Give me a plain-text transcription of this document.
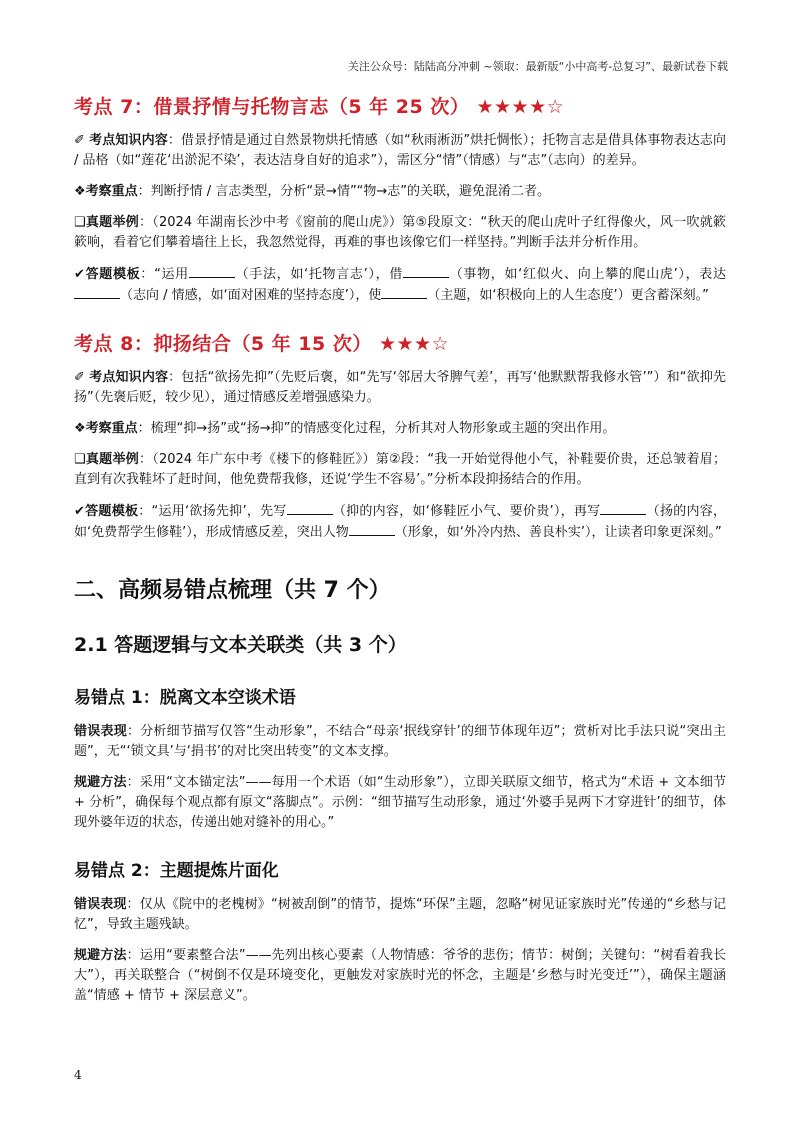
关注公众号：陆陆高分冲刺 ~领取：最新版“小中高考-总复习”、最新试卷下载
考点 7：借景抒情与托物言志（5 年 25 次） ★★★★☆

✐ 考点知识内容：借景抒情是通过自然景物烘托情感（如“秋雨淅沥”烘托惆怅）；托物言志是借具体事物表达志向 / 品格（如“莲花‘出淤泥不染’，表达洁身自好的追求”），需区分“情”（情感）与“志”（志向）的差异。

❖考察重点：判断抒情 / 言志类型，分析“景→情”“物→志”的关联，避免混淆二者。

❑真题举例：（2024 年湖南长沙中考《窗前的爬山虎》）第⑤段原文：“秋天的爬山虎叶子红得像火，风一吹就簌簌响，看着它们攀着墙往上长，我忽然觉得，再难的事也该像它们一样坚持。”判断手法并分析作用。

✔答题模板：“运用	（手法，如‘托物言志’），借	（事物，如‘红似火、向上攀的爬山虎’），表达（志向 / 情感，如‘面对困难的坚持态度’），使	（主题，如‘积极向上的人生态度’）更含蓄深刻。”

考点 8：抑扬结合（5 年 15 次） ★★★☆

✐ 考点知识内容：包括“欲扬先抑”（先贬后褒，如“先写‘邻居大爷脾气差’，再写‘他默默帮我修水管’”）和“欲抑先扬”（先褒后贬，较少见），通过情感反差增强感染力。

❖考察重点：梳理“抑→扬”或“扬→抑”的情感变化过程，分析其对人物形象或主题的突出作用。

❑真题举例：（2024 年广东中考《楼下的修鞋匠》）第②段：“我一开始觉得他小气，补鞋要价贵，还总皱着眉；直到有次我鞋坏了赶时间，他免费帮我修，还说‘学生不容易’。”分析本段抑扬结合的作用。

✔答题模板：“运用‘欲扬先抑’，先写	（抑的内容，如‘修鞋匠小气、要价贵’），再写	（扬的内容，如‘免费帮学生修鞋’），形成情感反差，突出人物	（形象，如‘外冷内热、善良朴实’），让读者印象更深刻。”

二、高频易错点梳理（共 7 个）
2.1 答题逻辑与文本关联类（共 3 个）
易错点 1：脱离文本空谈术语

错误表现：分析细节描写仅答“生动形象”，不结合“母亲‘抿线穿针’的细节体现年迈”；赏析对比手法只说“突出主题”，无“‘锁文具’与‘捐书’的对比突出转变”的文本支撑。

规避方法：采用“文本锚定法”——每用一个术语（如“生动形象”），立即关联原文细节，格式为“术语 + 文本细节 + 分析”，确保每个观点都有原文“落脚点”。示例：“细节描写生动形象，通过‘外婆手晃两下才穿进针’的细节，体现外婆年迈的状态，传递出她对缝补的用心。”

易错点 2：主题提炼片面化

错误表现：仅从《院中的老槐树》“树被刮倒”的情节，提炼“环保”主题，忽略“树见证家族时光”传递的“乡愁与记忆”，导致主题残缺。

规避方法：运用“要素整合法”——先列出核心要素（人物情感：爷爷的悲伤；情节：树倒；关键句：“树看着我长大”），再关联整合（“树倒不仅是环境变化，更触发对家族时光的怀念，主题是‘乡愁与时光变迁’”），确保主题涵盖“情感 + 情节 + 深层意义”。

4
